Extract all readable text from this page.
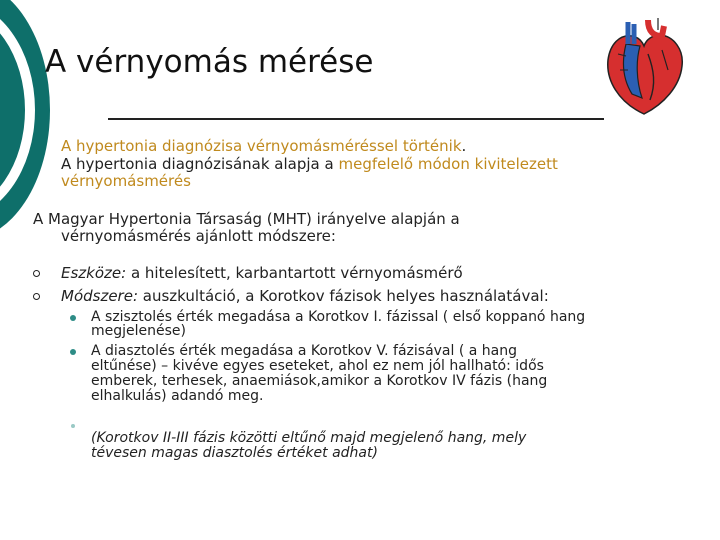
A vérnyomás mérése
A hypertonia diagnózisa vérnyomásméréssel történik.
A hypertonia diagnózisának alapja a megfelelő módon kivitelezett
vérnyomásmérés
A Magyar Hypertonia Társaság (MHT) irányelve alapján a
vérnyomásmérés ajánlott módszere:
Eszköze: a hitelesített, karbantartott vérnyomásmérő
Módszere: auszkultáció, a Korotkov fázisok helyes használatával:
A szisztolés érték megadása a Korotkov I. fázissal ( első koppanó hang
megjelenése)
A diasztolés érték megadása a Korotkov V. fázisával ( a hang
eltűnése) – kivéve egyes eseteket, ahol ez nem jól hallható: idős
emberek, terhesek, anaemiások,amikor a Korotkov IV fázis (hang
elhalkulás) adandó meg.
(Korotkov II-III fázis közötti eltűnő majd megjelenő hang, mely
tévesen magas diasztolés értéket adhat)
